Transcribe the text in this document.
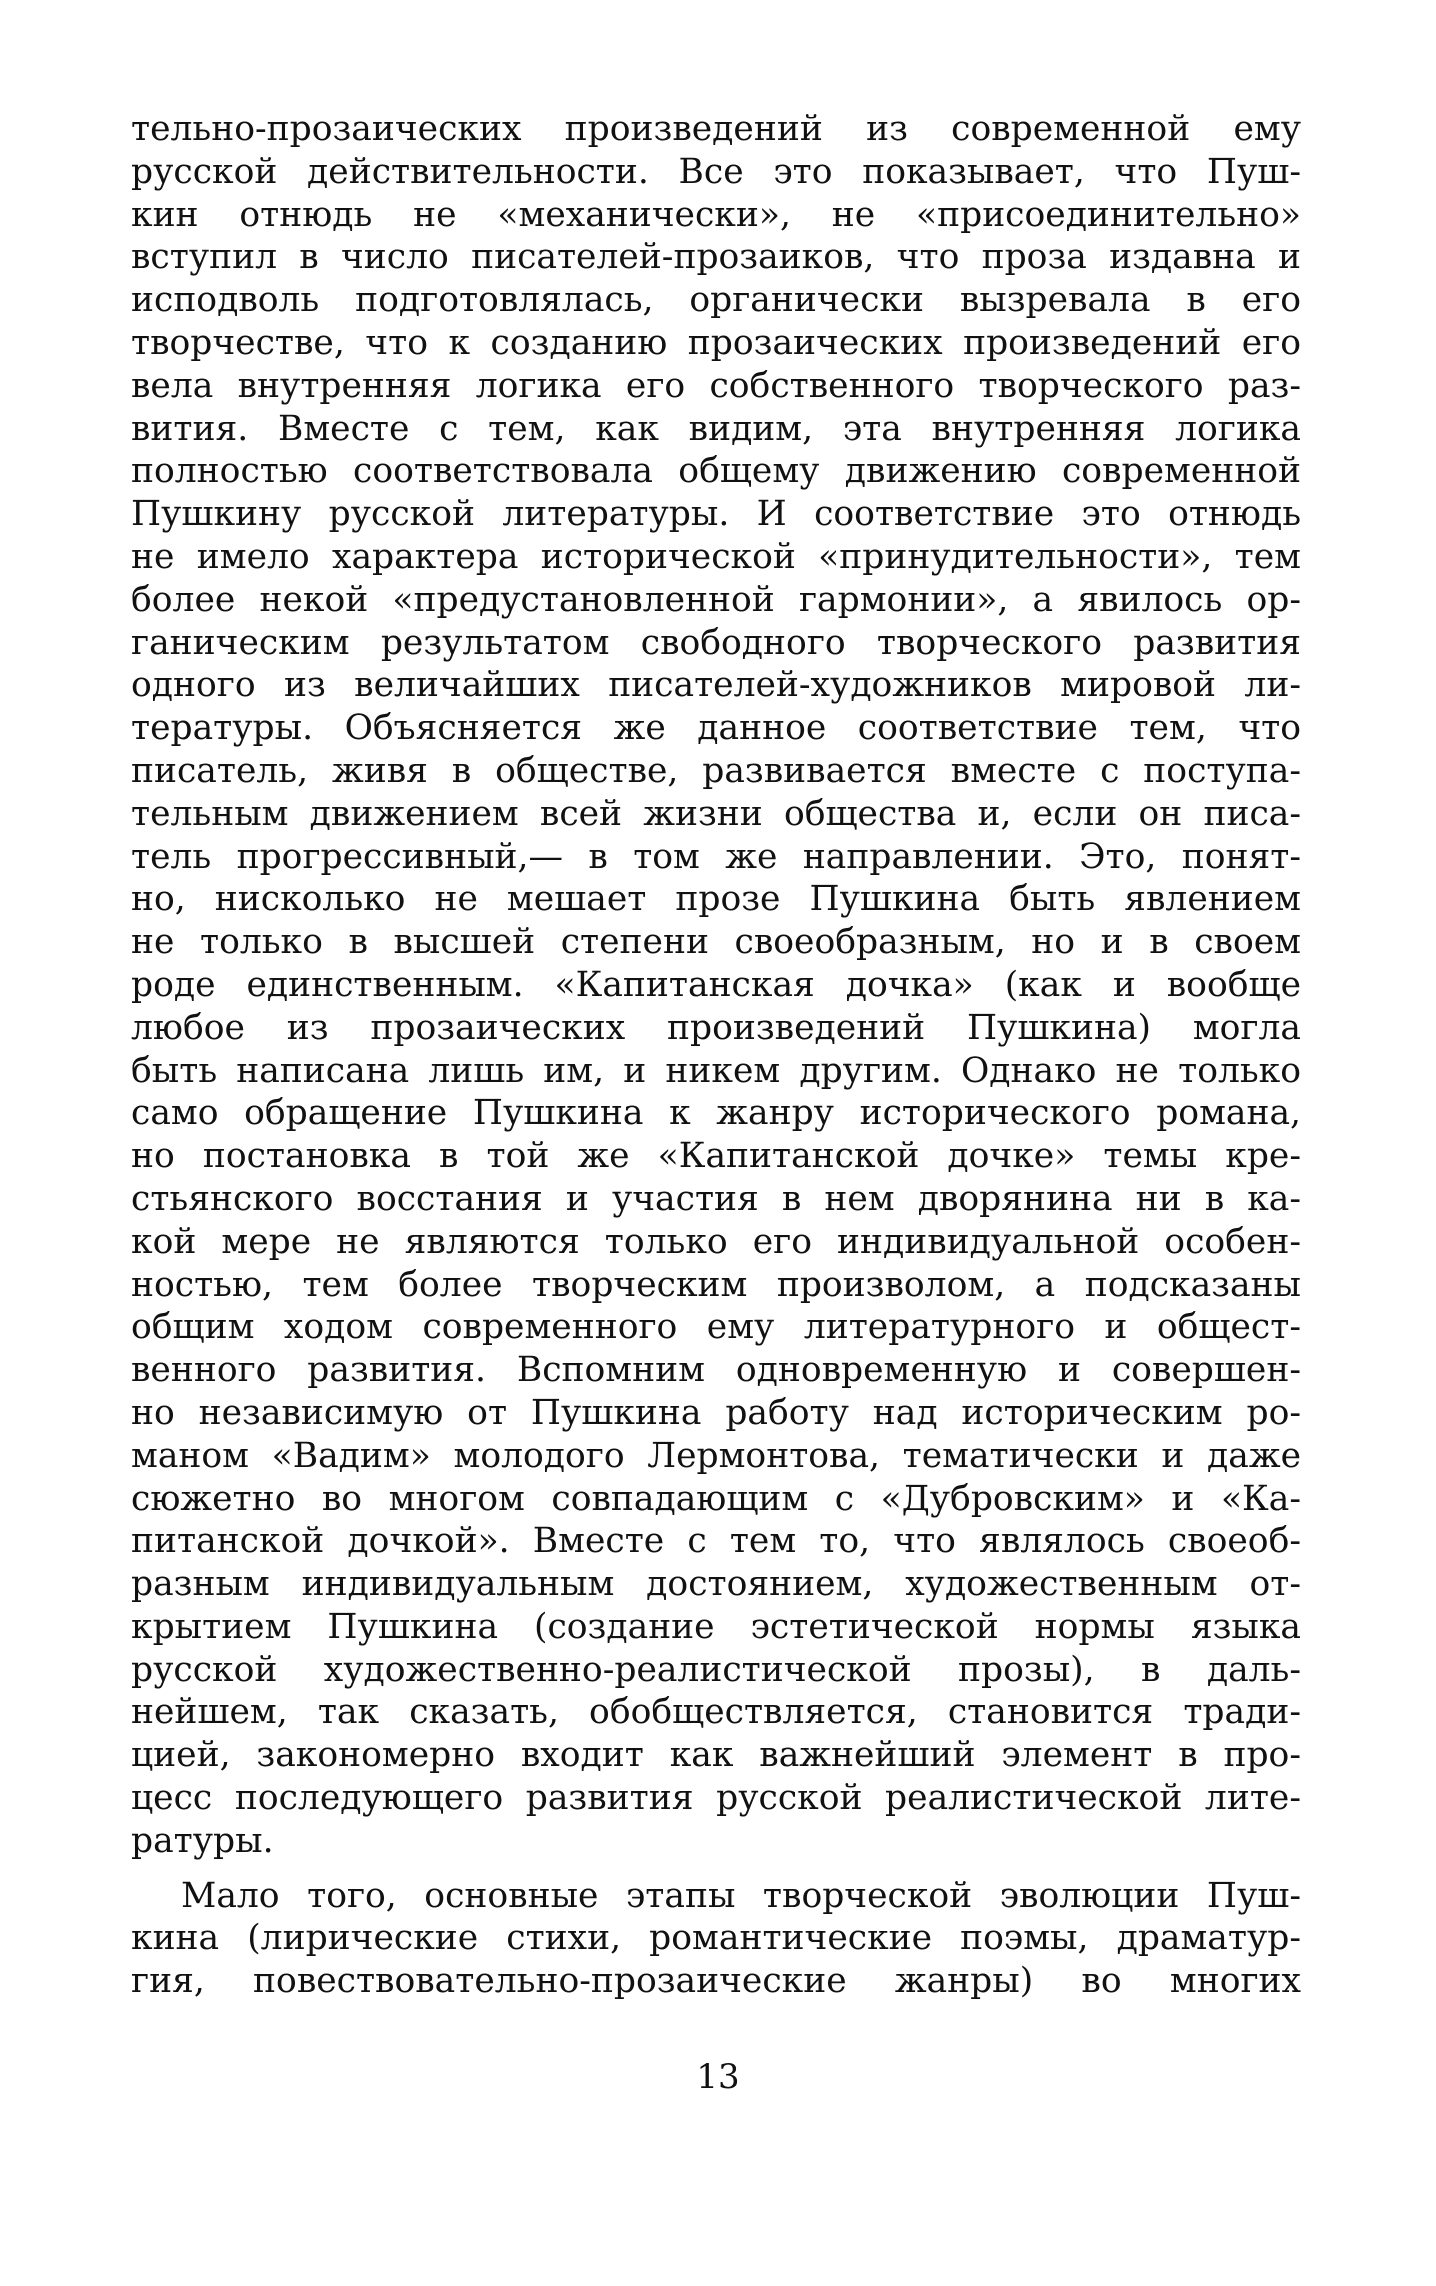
тельно-прозаических произведений из современной ему
русской действительности. Все это показывает, что Пуш-
кин отнюдь не «механически», не «присоединительно»
вступил в число писателей-прозаиков, что проза издавна и
исподволь подготовлялась, органически вызревала в его
творчестве, что к созданию прозаических произведений его
вела внутренняя логика его собственного творческого раз-
вития. Вместе с тем, как видим, эта внутренняя логика
полностью соответствовала общему движению современной
Пушкину русской литературы. И соответствие это отнюдь
не имело характера исторической «принудительности», тем
более некой «предустановленной гармонии», а явилось ор-
ганическим результатом свободного творческого развития
одного из величайших писателей-художников мировой ли-
тературы. Объясняется же данное соответствие тем, что
писатель, живя в обществе, развивается вместе с поступа-
тельным движением всей жизни общества и, если он писа-
тель прогрессивный,— в том же направлении. Это, понят-
но, нисколько не мешает прозе Пушкина быть явлением
не только в высшей степени своеобразным, но и в своем
роде единственным. «Капитанская дочка» (как и вообще
любое из прозаических произведений Пушкина) могла
быть написана лишь им, и никем другим. Однако не только
само обращение Пушкина к жанру исторического романа,
но постановка в той же «Капитанской дочке» темы кре-
стьянского восстания и участия в нем дворянина ни в ка-
кой мере не являются только его индивидуальной особен-
ностью, тем более творческим произволом, а подсказаны
общим ходом современного ему литературного и общест-
венного развития. Вспомним одновременную и совершен-
но независимую от Пушкина работу над историческим ро-
маном «Вадим» молодого Лермонтова, тематически и даже
сюжетно во многом совпадающим с «Дубровским» и «Ка-
питанской дочкой». Вместе с тем то, что являлось своеоб-
разным индивидуальным достоянием, художественным от-
крытием Пушкина (создание эстетической нормы языка
русской художественно-реалистической прозы), в даль-
нейшем, так сказать, обобществляется, становится тради-
цией, закономерно входит как важнейший элемент в про-
цесс последующего развития русской реалистической лите-
ратуры.
Мало того, основные этапы творческой эволюции Пуш-
кина (лирические стихи, романтические поэмы, драматур-
гия, повествовательно-прозаические жанры) во многих
13
